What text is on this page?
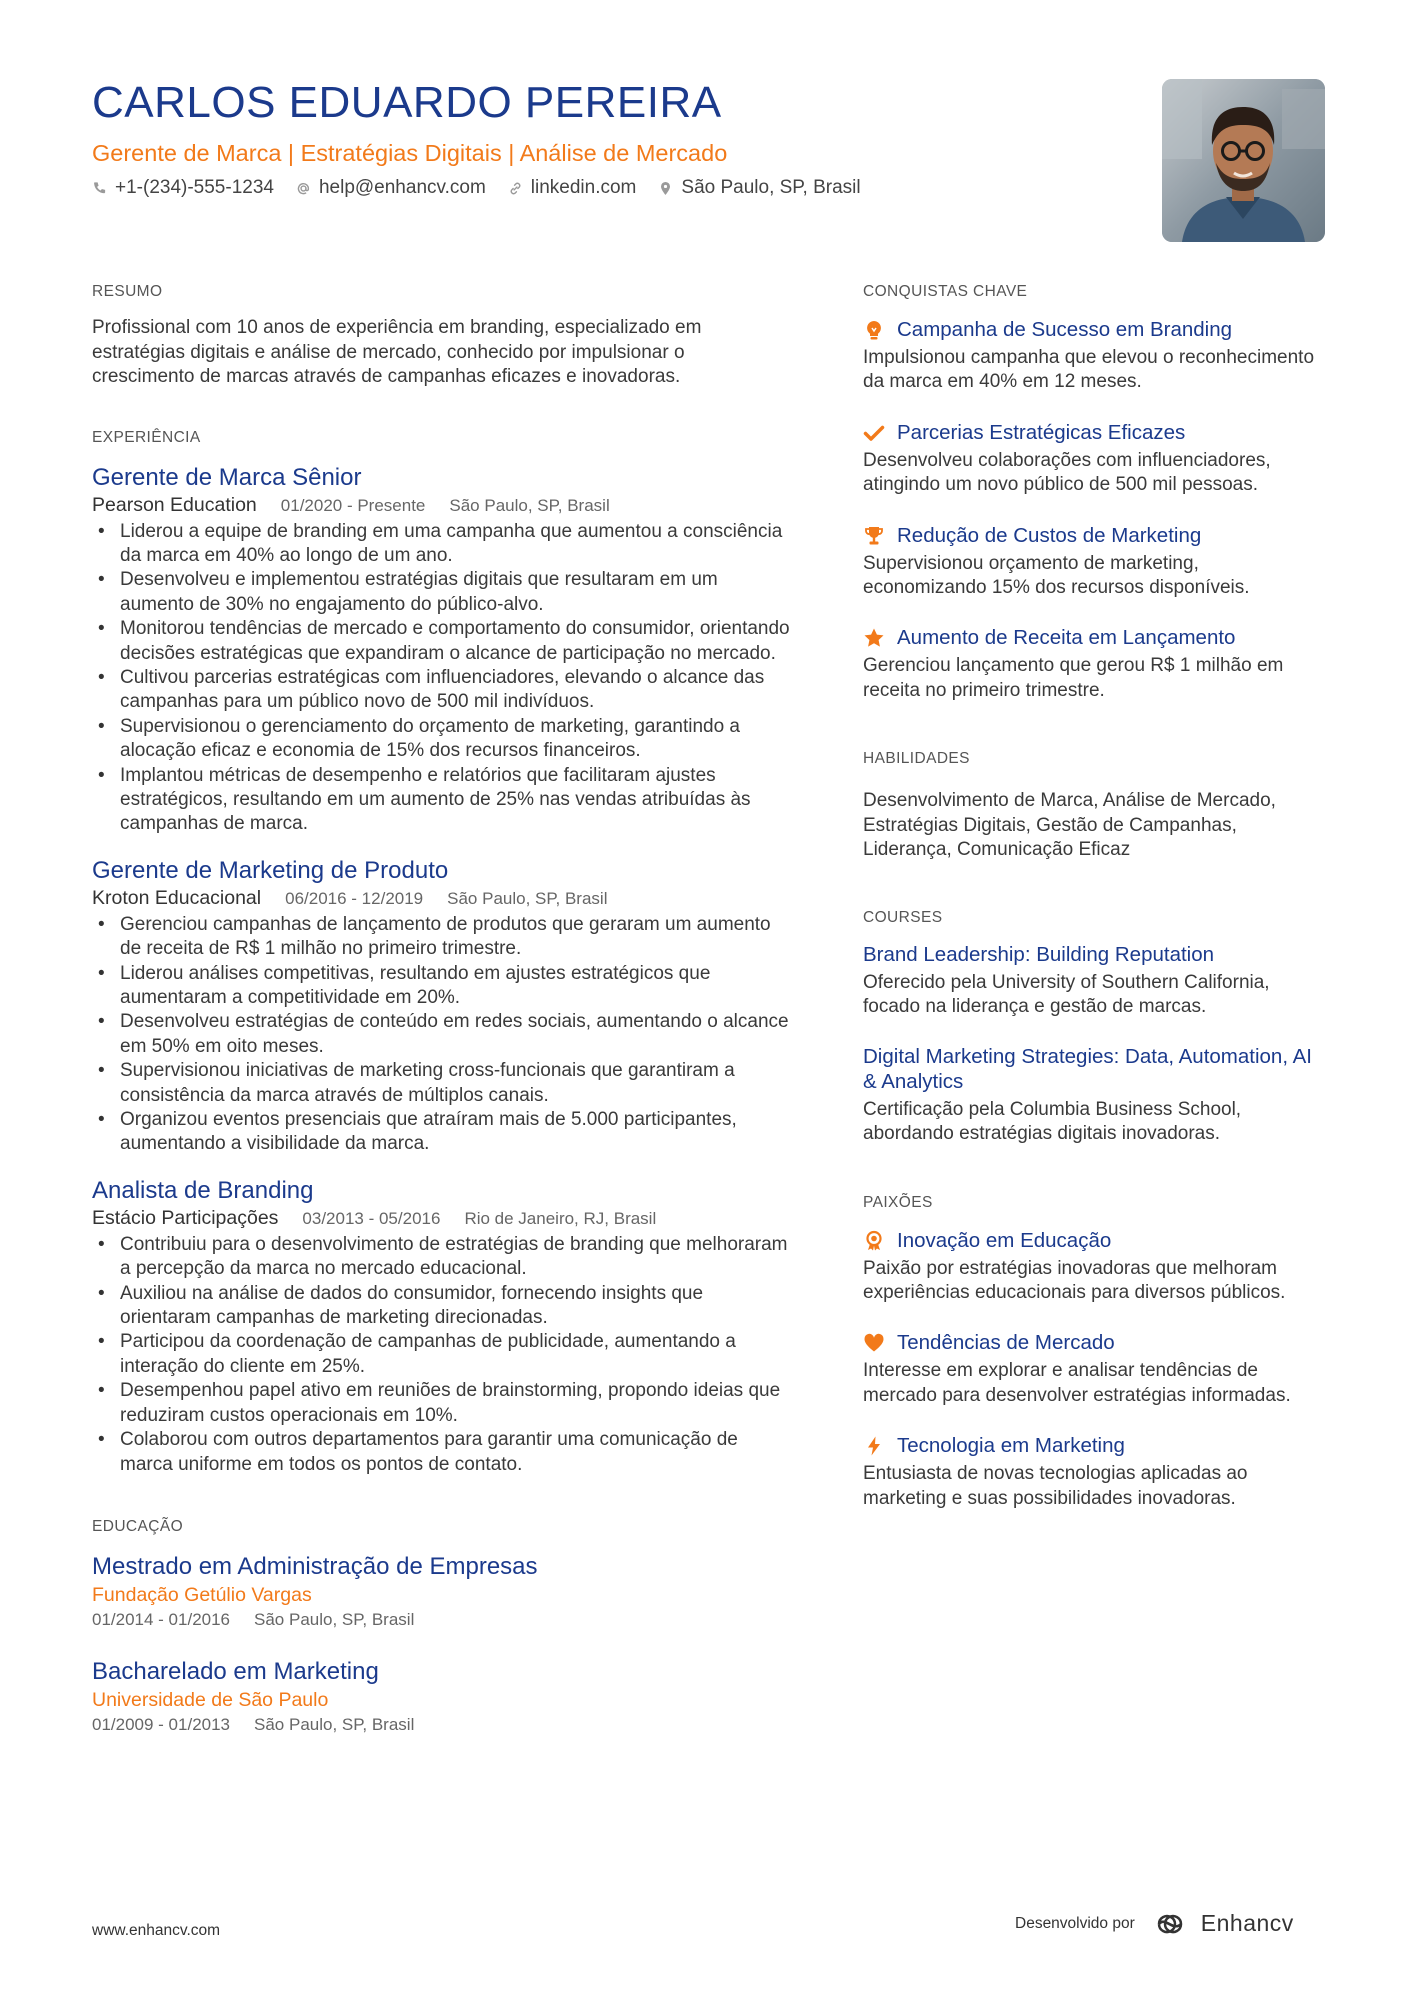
CARLOS EDUARDO PEREIRA
Gerente de Marca | Estratégias Digitais | Análise de Mercado
+1-(234)-555-1234 help@enhancv.com linkedin.com São Paulo, SP, Brasil
RESUMO

Profissional com 10 anos de experiência em branding, especializado em estratégias digitais e análise de mercado, conhecido por impulsionar o crescimento de marcas através de campanhas eficazes e inovadoras.

EXPERIÊNCIA
Gerente de Marca Sênior
Pearson Education 01/2020 - Presente São Paulo, SP, Brasil
• Liderou a equipe de branding em uma campanha que aumentou a consciência da marca em 40% ao longo de um ano.
• Desenvolveu e implementou estratégias digitais que resultaram em um aumento de 30% no engajamento do público-alvo.
• Monitorou tendências de mercado e comportamento do consumidor, orientando decisões estratégicas que expandiram o alcance de participação no mercado.
• Cultivou parcerias estratégicas com influenciadores, elevando o alcance das campanhas para um público novo de 500 mil indivíduos.
• Supervisionou o gerenciamento do orçamento de marketing, garantindo a alocação eficaz e economia de 15% dos recursos financeiros.
• Implantou métricas de desempenho e relatórios que facilitaram ajustes estratégicos, resultando em um aumento de 25% nas vendas atribuídas às campanhas de marca.
Gerente de Marketing de Produto
Kroton Educacional 06/2016 - 12/2019 São Paulo, SP, Brasil
• Gerenciou campanhas de lançamento de produtos que geraram um aumento de receita de R$ 1 milhão no primeiro trimestre.
• Liderou análises competitivas, resultando em ajustes estratégicos que aumentaram a competitividade em 20%.
• Desenvolveu estratégias de conteúdo em redes sociais, aumentando o alcance em 50% em oito meses.
• Supervisionou iniciativas de marketing cross-funcionais que garantiram a consistência da marca através de múltiplos canais.
• Organizou eventos presenciais que atraíram mais de 5.000 participantes, aumentando a visibilidade da marca.
Analista de Branding
Estácio Participações 03/2013 - 05/2016 Rio de Janeiro, RJ, Brasil
• Contribuiu para o desenvolvimento de estratégias de branding que melhoraram a percepção da marca no mercado educacional.
• Auxiliou na análise de dados do consumidor, fornecendo insights que orientaram campanhas de marketing direcionadas.
• Participou da coordenação de campanhas de publicidade, aumentando a interação do cliente em 25%.
• Desempenhou papel ativo em reuniões de brainstorming, propondo ideias que reduziram custos operacionais em 10%.
• Colaborou com outros departamentos para garantir uma comunicação de marca uniforme em todos os pontos de contato.
EDUCAÇÃO
Mestrado em Administração de Empresas
Fundação Getúlio Vargas
01/2014 - 01/2016 São Paulo, SP, Brasil
Bacharelado em Marketing
Universidade de São Paulo
01/2009 - 01/2013 São Paulo, SP, Brasil
CONQUISTAS CHAVE
Campanha de Sucesso em Branding
Impulsionou campanha que elevou o reconhecimento da marca em 40% em 12 meses.
Parcerias Estratégicas Eficazes
Desenvolveu colaborações com influenciadores, atingindo um novo público de 500 mil pessoas.
Redução de Custos de Marketing
Supervisionou orçamento de marketing, economizando 15% dos recursos disponíveis.
Aumento de Receita em Lançamento
Gerenciou lançamento que gerou R$ 1 milhão em receita no primeiro trimestre.
HABILIDADES

Desenvolvimento de Marca, Análise de Mercado, Estratégias Digitais, Gestão de Campanhas, Liderança, Comunicação Eficaz

COURSES
Brand Leadership: Building Reputation
Oferecido pela University of Southern California, focado na liderança e gestão de marcas.
Digital Marketing Strategies: Data, Automation, AI & Analytics
Certificação pela Columbia Business School, abordando estratégias digitais inovadoras.
PAIXÕES
Inovação em Educação
Paixão por estratégias inovadoras que melhoram experiências educacionais para diversos públicos.
Tendências de Mercado
Interesse em explorar e analisar tendências de mercado para desenvolver estratégias informadas.
Tecnologia em Marketing
Entusiasta de novas tecnologias aplicadas ao marketing e suas possibilidades inovadoras.
www.enhancv.com	Desenvolvido por	Enhancv
